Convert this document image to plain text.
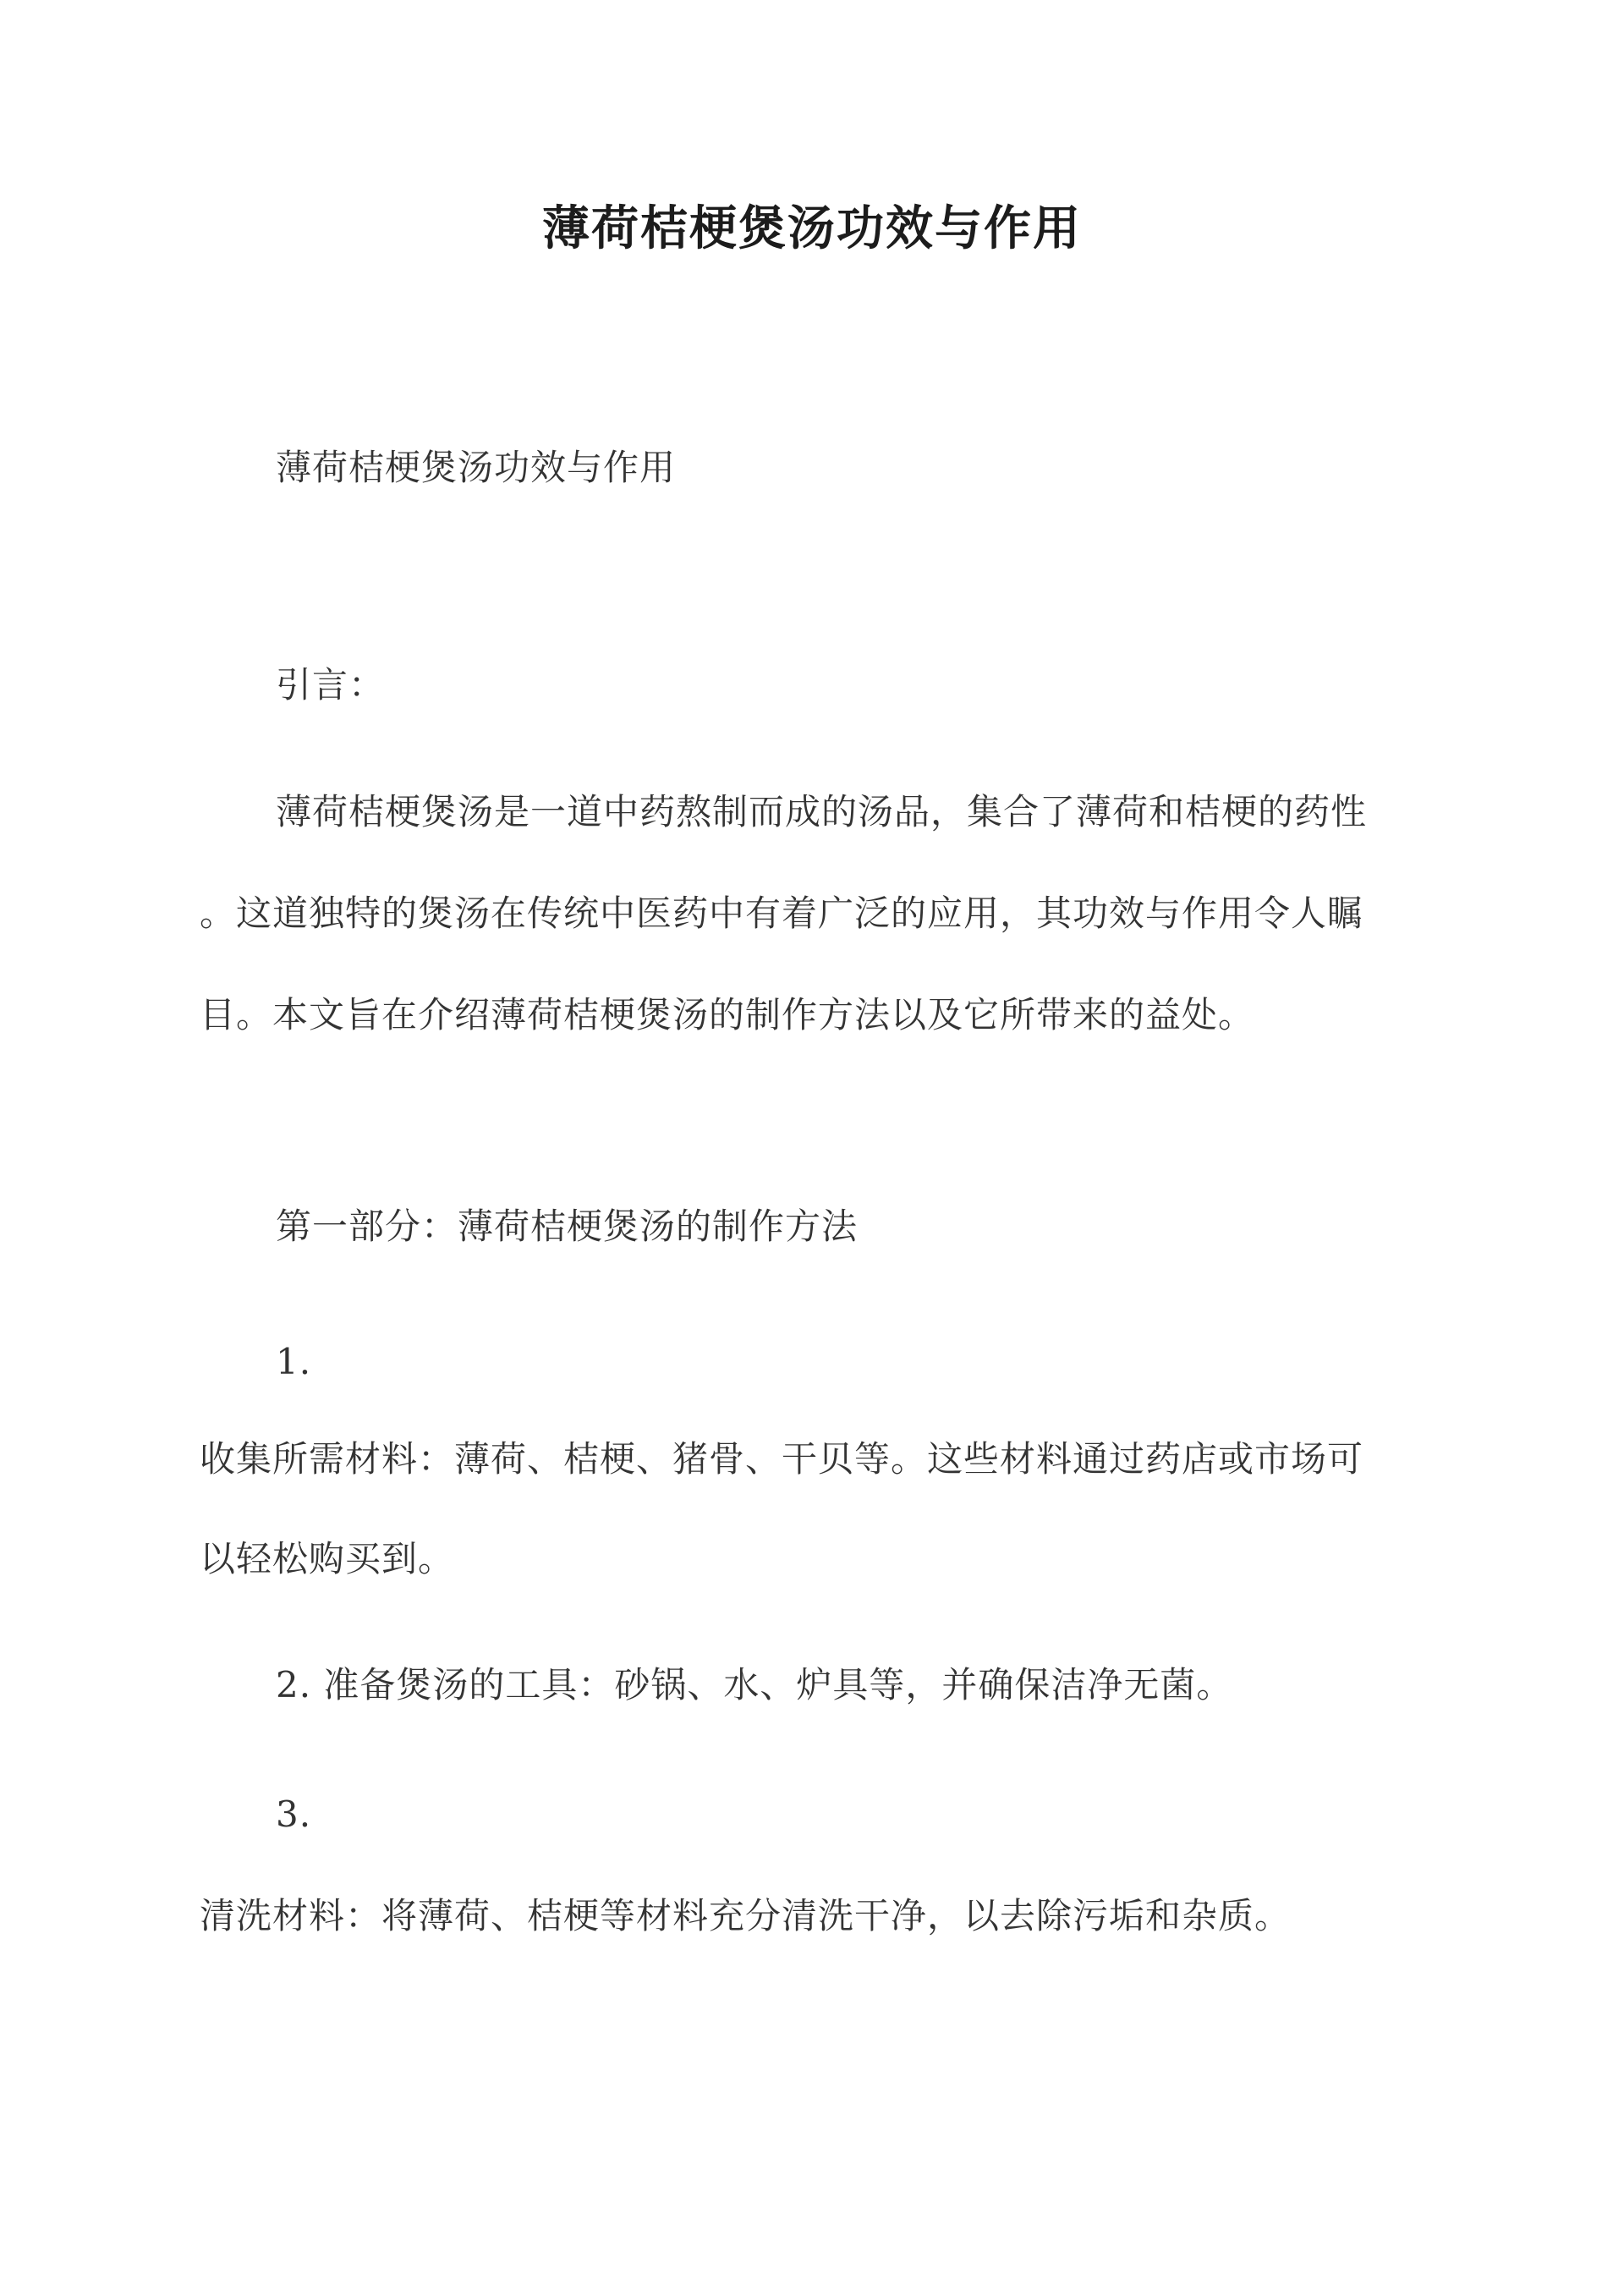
薄荷桔梗煲汤功效与作用
薄荷桔梗煲汤功效与作用
引言：
薄荷桔梗煲汤是一道中药熬制而成的汤品，集合了薄荷和桔梗的药性
。这道独特的煲汤在传统中医药中有着广泛的应用，其功效与作用令人瞩
目。本文旨在介绍薄荷桔梗煲汤的制作方法以及它所带来的益处。
第一部分：薄荷桔梗煲汤的制作方法
1.
收集所需材料：薄荷、桔梗、猪骨、干贝等。这些材料通过药店或市场可
以轻松购买到。
2. 准备煲汤的工具：砂锅、水、炉具等，并确保洁净无菌。
3.
清洗材料：将薄荷、桔梗等材料充分清洗干净，以去除污垢和杂质。
